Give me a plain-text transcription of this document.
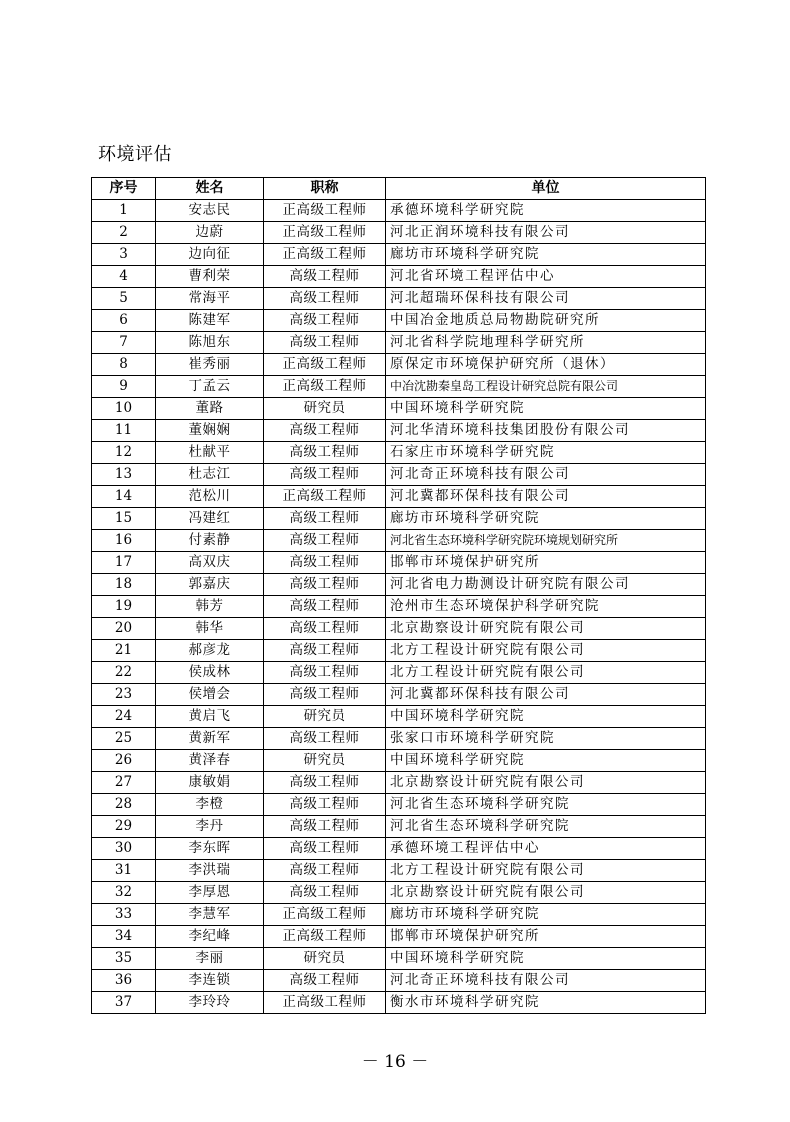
环境评估
序号	姓名	职称	单位
1	安志民	正高级工程师	承德环境科学研究院
2	边蔚	正高级工程师	河北正润环境科技有限公司
3	边向征	正高级工程师	廊坊市环境科学研究院
4	曹利荣	高级工程师	河北省环境工程评估中心
5	常海平	高级工程师	河北超瑞环保科技有限公司
6	陈建军	高级工程师	中国冶金地质总局物勘院研究所
7	陈旭东	高级工程师	河北省科学院地理科学研究所
8	崔秀丽	正高级工程师	原保定市环境保护研究所（退休）
9	丁孟云	正高级工程师	中冶沈勘秦皇岛工程设计研究总院有限公司
10	董路	研究员	中国环境科学研究院
11	董娴娴	高级工程师	河北华清环境科技集团股份有限公司
12	杜献平	高级工程师	石家庄市环境科学研究院
13	杜志江	高级工程师	河北奇正环境科技有限公司
14	范松川	正高级工程师	河北冀都环保科技有限公司
15	冯建红	高级工程师	廊坊市环境科学研究院
16	付素静	高级工程师	河北省生态环境科学研究院环境规划研究所
17	高双庆	高级工程师	邯郸市环境保护研究所
18	郭嘉庆	高级工程师	河北省电力勘测设计研究院有限公司
19	韩芳	高级工程师	沧州市生态环境保护科学研究院
20	韩华	高级工程师	北京勘察设计研究院有限公司
21	郝彦龙	高级工程师	北方工程设计研究院有限公司
22	侯成林	高级工程师	北方工程设计研究院有限公司
23	侯增会	高级工程师	河北冀都环保科技有限公司
24	黄启飞	研究员	中国环境科学研究院
25	黄新军	高级工程师	张家口市环境科学研究院
26	黄泽春	研究员	中国环境科学研究院
27	康敏娟	高级工程师	北京勘察设计研究院有限公司
28	李橙	高级工程师	河北省生态环境科学研究院
29	李丹	高级工程师	河北省生态环境科学研究院
30	李东晖	高级工程师	承德环境工程评估中心
31	李洪瑞	高级工程师	北方工程设计研究院有限公司
32	李厚恩	高级工程师	北京勘察设计研究院有限公司
33	李慧军	正高级工程师	廊坊市环境科学研究院
34	李纪峰	正高级工程师	邯郸市环境保护研究所
35	李丽	研究员	中国环境科学研究院
36	李连锁	高级工程师	河北奇正环境科技有限公司
37	李玲玲	正高级工程师	衡水市环境科学研究院
－ 16 －
